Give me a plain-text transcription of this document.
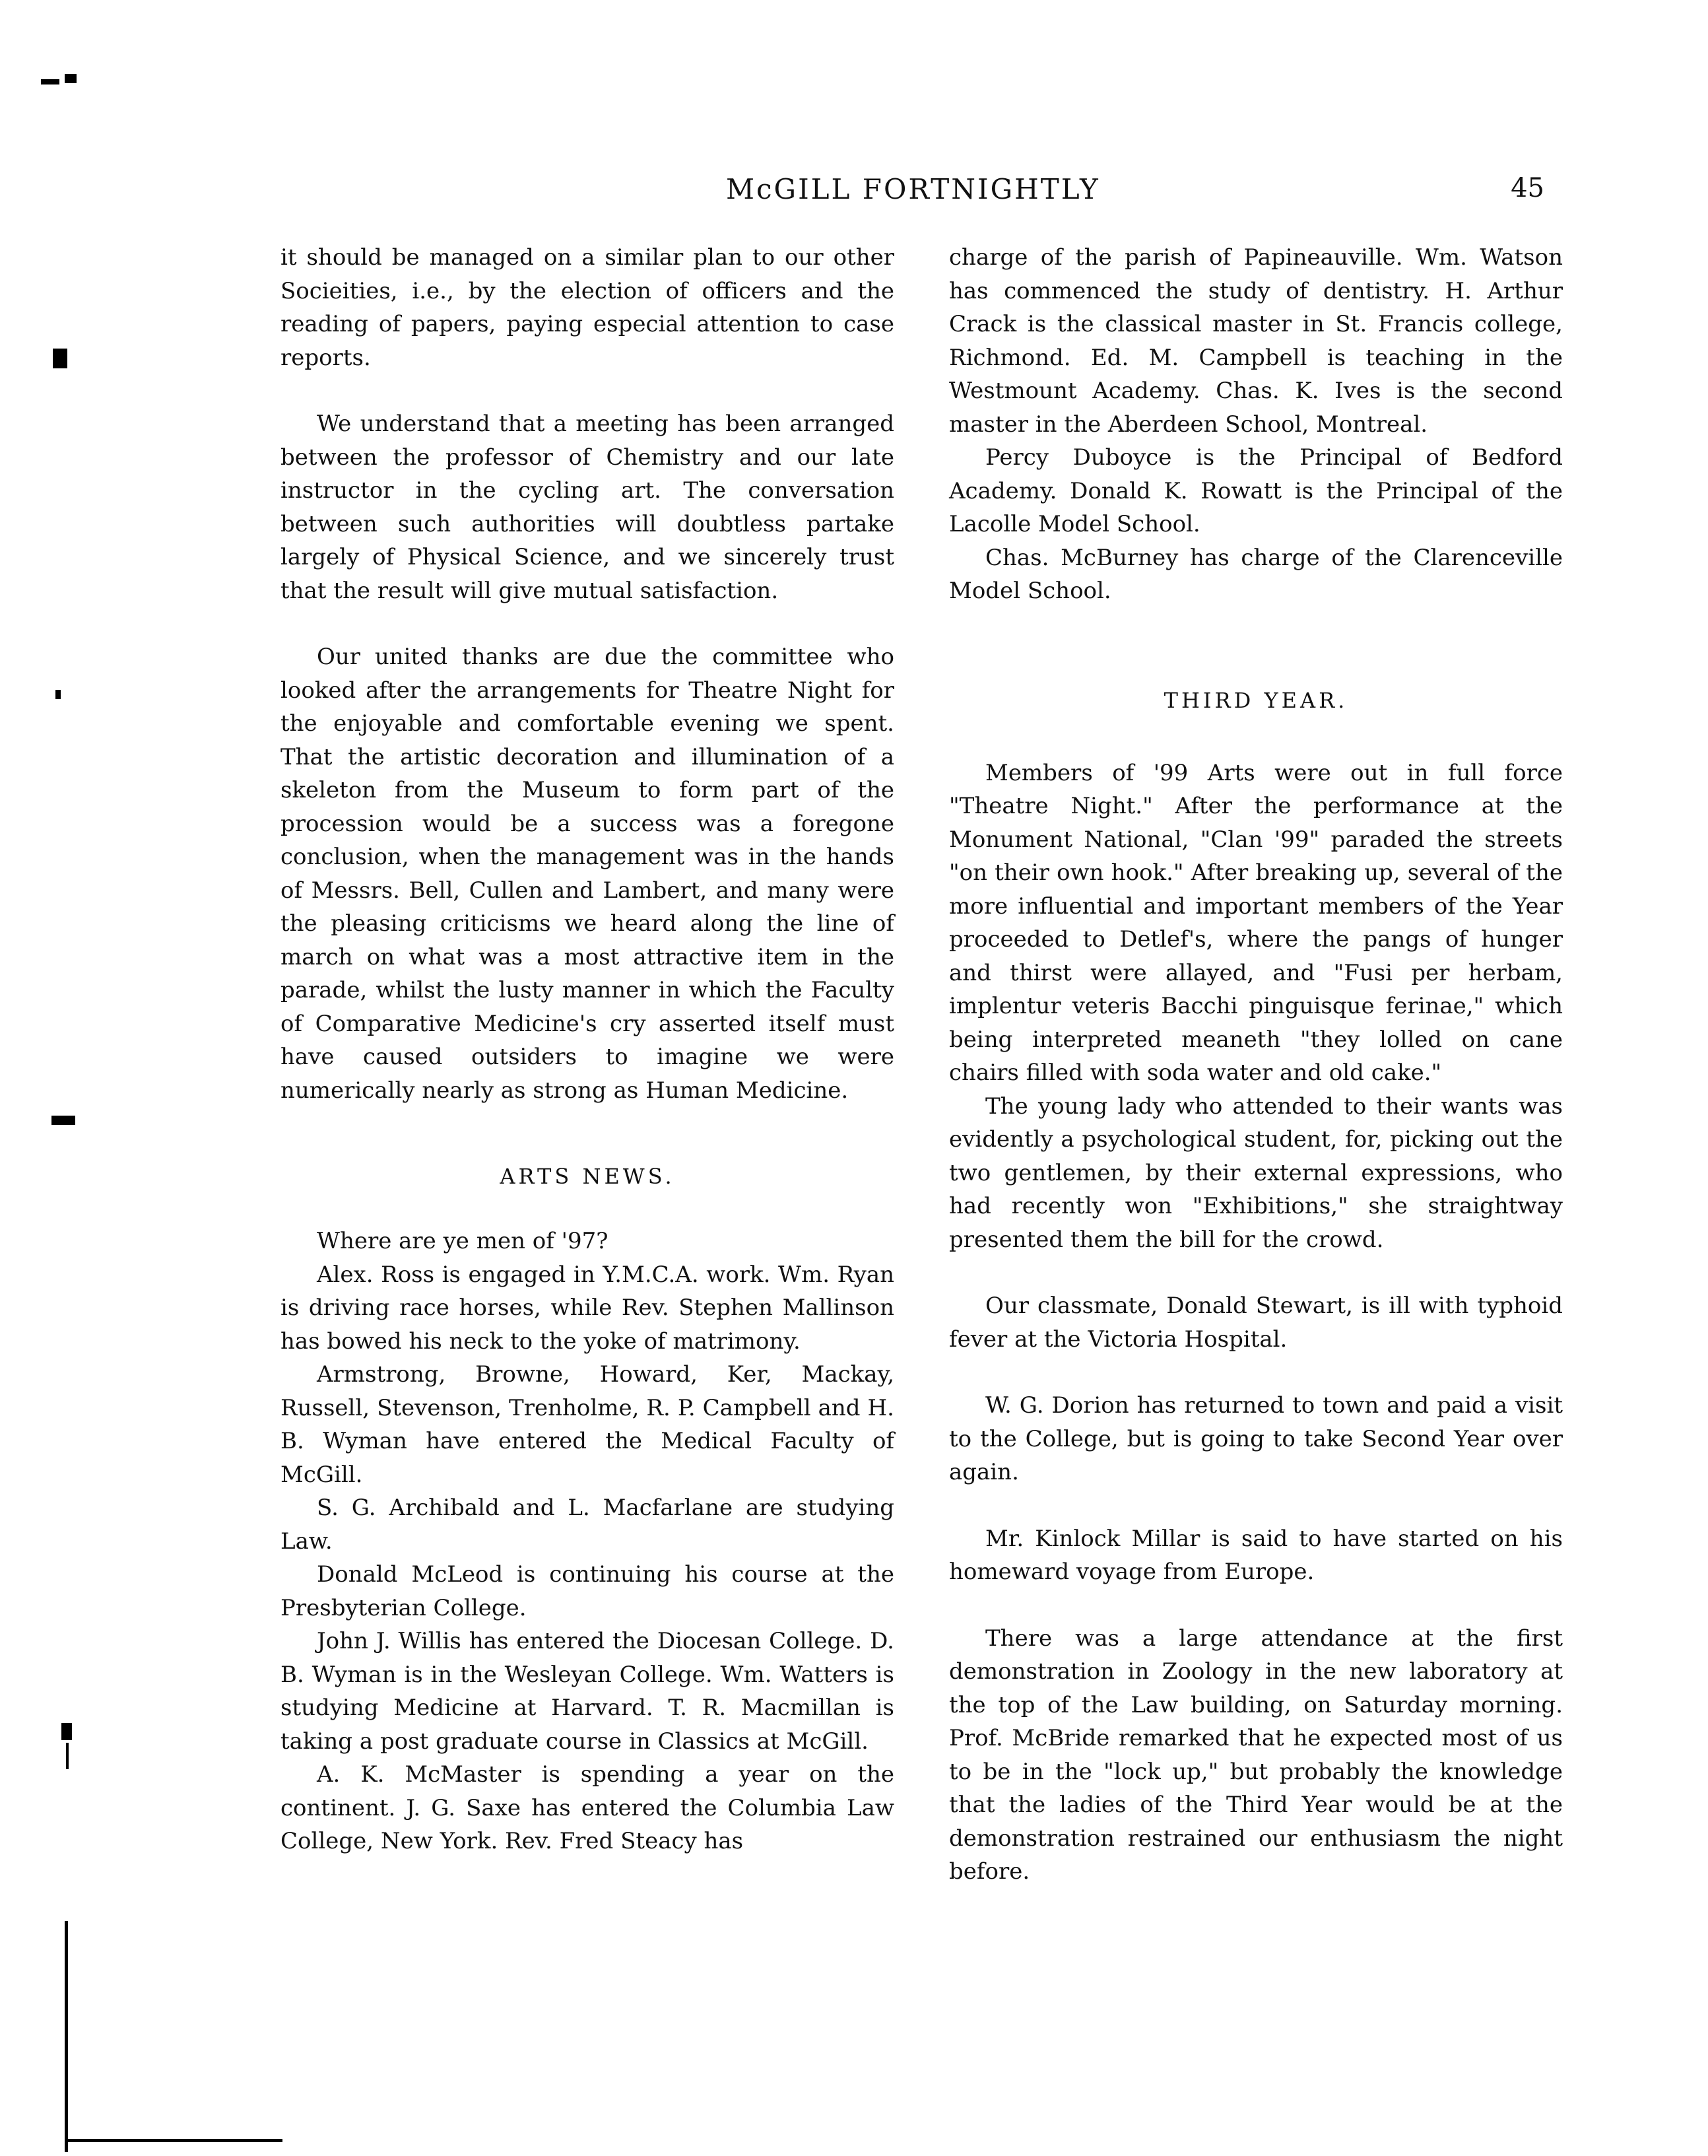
McGILL FORTNIGHTLY	45

it should be managed on a similar plan to our other Socieities, i.e., by the election of officers and the reading of papers, paying especial attention to case reports.

We understand that a meeting has been arranged between the professor of Chemistry and our late instructor in the cycling art. The conversation between such authorities will doubtless partake largely of Physical Science, and we sincerely trust that the result will give mutual satisfaction.

Our united thanks are due the committee who looked after the arrangements for Theatre Night for the enjoyable and comfortable evening we spent. That the artistic decoration and illumination of a skeleton from the Museum to form part of the procession would be a success was a foregone conclusion, when the management was in the hands of Messrs. Bell, Cullen and Lambert, and many were the pleasing criticisms we heard along the line of march on what was a most attractive item in the parade, whilst the lusty manner in which the Faculty of Comparative Medicine's cry asserted itself must have caused outsiders to imagine we were numerically nearly as strong as Human Medicine.

ARTS NEWS.

Where are ye men of '97?

Alex. Ross is engaged in Y.M.C.A. work. Wm. Ryan is driving race horses, while Rev. Stephen Mallinson has bowed his neck to the yoke of matrimony.

Armstrong, Browne, Howard, Ker, Mackay, Russell, Stevenson, Trenholme, R. P. Campbell and H. B. Wyman have entered the Medical Faculty of McGill.

S. G. Archibald and L. Macfarlane are studying Law.

Donald McLeod is continuing his course at the Presbyterian College.

John J. Willis has entered the Diocesan College. D. B. Wyman is in the Wesleyan College. Wm. Watters is studying Medicine at Harvard. T. R. Macmillan is taking a post graduate course in Classics at McGill.

A. K. McMaster is spending a year on the continent. J. G. Saxe has entered the Columbia Law College, New York. Rev. Fred Steacy has

charge of the parish of Papineauville. Wm. Watson has commenced the study of dentistry. H. Arthur Crack is the classical master in St. Francis college, Richmond. Ed. M. Campbell is teaching in the Westmount Academy. Chas. K. Ives is the second master in the Aberdeen School, Montreal.

Percy Duboyce is the Principal of Bedford Academy. Donald K. Rowatt is the Principal of the Lacolle Model School.

Chas. McBurney has charge of the Clarenceville Model School.

THIRD YEAR.

Members of '99 Arts were out in full force "Theatre Night." After the performance at the Monument National, "Clan '99" paraded the streets "on their own hook." After breaking up, several of the more influential and important members of the Year proceeded to Detlef's, where the pangs of hunger and thirst were allayed, and "Fusi per herbam, implentur veteris Bacchi pinguisque ferinae," which being interpreted meaneth "they lolled on cane chairs filled with soda water and old cake."

The young lady who attended to their wants was evidently a psychological student, for, picking out the two gentlemen, by their external expressions, who had recently won "Exhibitions," she straightway presented them the bill for the crowd.

Our classmate, Donald Stewart, is ill with typhoid fever at the Victoria Hospital.

W. G. Dorion has returned to town and paid a visit to the College, but is going to take Second Year over again.

Mr. Kinlock Millar is said to have started on his homeward voyage from Europe.

There was a large attendance at the first demonstration in Zoology in the new laboratory at the top of the Law building, on Saturday morning. Prof. McBride remarked that he expected most of us to be in the "lock up," but probably the knowledge that the ladies of the Third Year would be at the demonstration restrained our enthusiasm the night before.
